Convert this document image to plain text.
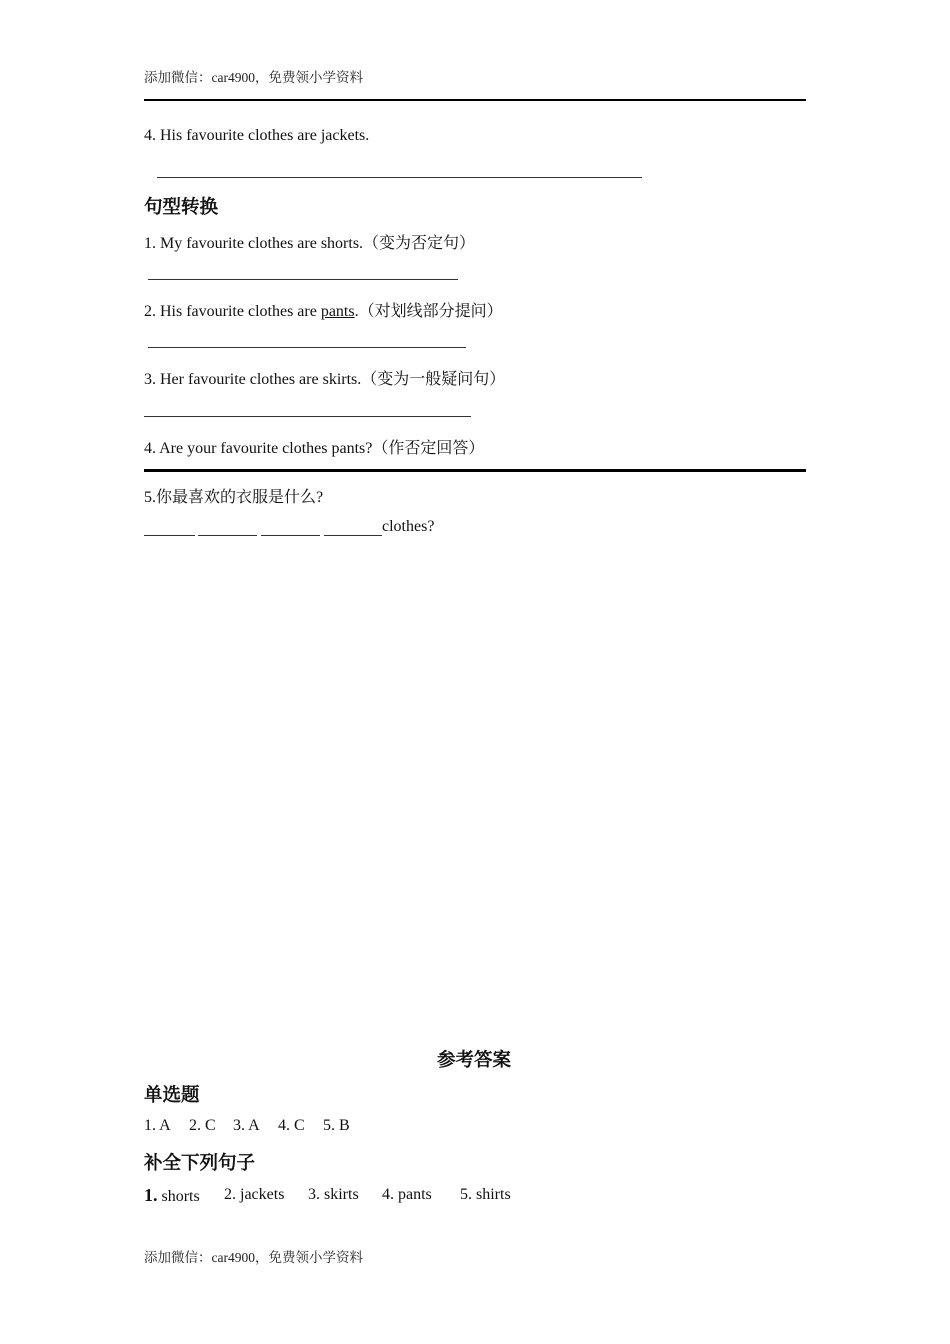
添加微信：car4900，免费领小学资料
4. His favourite clothes are jackets.
句型转换
1. My favourite clothes are shorts.（变为否定句）
2. His favourite clothes are pants.（对划线部分提问）
3. Her favourite clothes are skirts.（变为一般疑问句）
4. Are your favourite clothes pants?（作否定回答）
5.你最喜欢的衣服是什么?
clothes?
参考答案
单选题
1. A 2. C 3. A 4. C 5. B
补全下列句子
1. shorts 2. jackets 3. skirts 4. pants 5. shirts
添加微信：car4900，免费领小学资料
